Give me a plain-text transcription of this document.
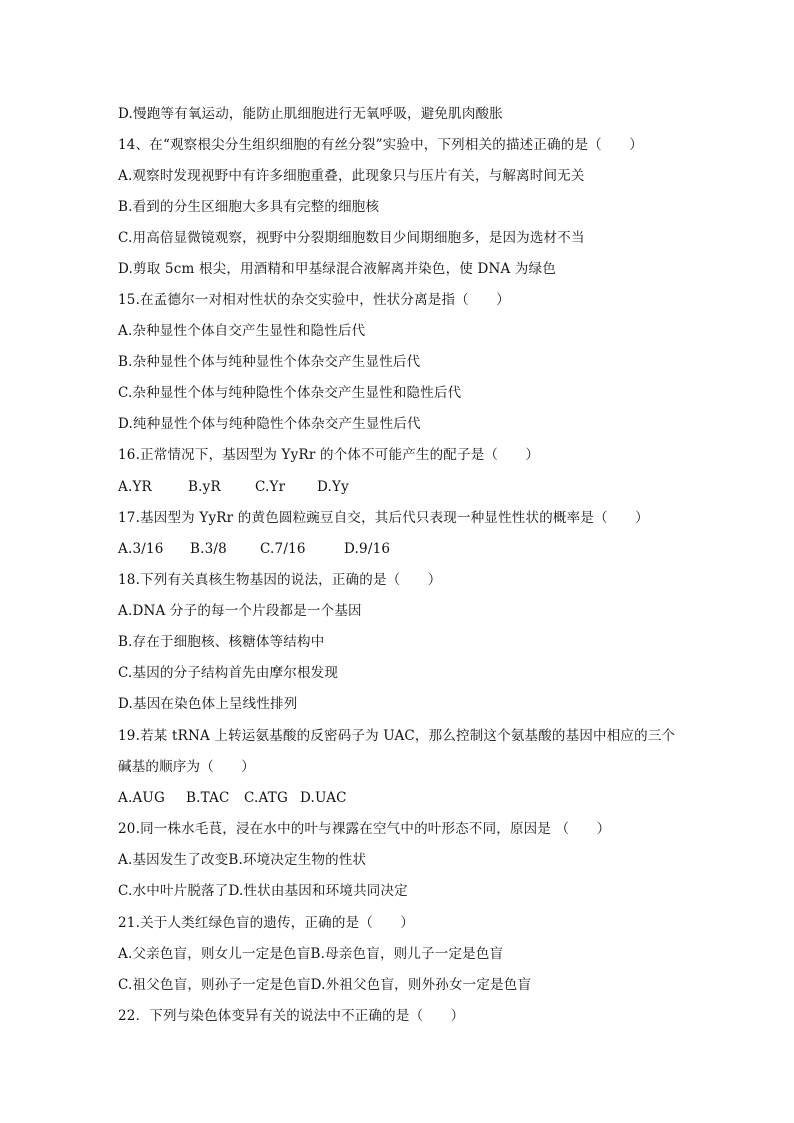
D.慢跑等有氧运动，能防止肌细胞进行无氧呼吸，避免肌肉酸胀
14、在“观察根尖分生组织细胞的有丝分裂”实验中，下列相关的描述正确的是（　　）
A.观察时发现视野中有许多细胞重叠，此现象只与压片有关，与解离时间无关
B.看到的分生区细胞大多具有完整的细胞核
C.用高倍显微镜观察，视野中分裂期细胞数目少间期细胞多，是因为选材不当
D.剪取 5cm 根尖，用酒精和甲基绿混合液解离并染色，使 DNA 为绿色
15.在孟德尔一对相对性状的杂交实验中，性状分离是指（　　）
A.杂种显性个体自交产生显性和隐性后代
B.杂种显性个体与纯种显性个体杂交产生显性后代
C.杂种显性个体与纯种隐性个体杂交产生显性和隐性后代
D.纯种显性个体与纯种隐性个体杂交产生显性后代
16.正常情况下，基因型为 YyRr 的个体不可能产生的配子是（　　）
A.YR	B.yR	C.Yr	D.Yy
17.基因型为 YyRr 的黄色圆粒豌豆自交，其后代只表现一种显性性状的概率是（　　）
A.3/16	B.3/8	C.7/16	D.9/16
18.下列有关真核生物基因的说法，正确的是（　　）
A.DNA 分子的每一个片段都是一个基因
B.存在于细胞核、核糖体等结构中
C.基因的分子结构首先由摩尔根发现
D.基因在染色体上呈线性排列
19.若某 tRNA 上转运氨基酸的反密码子为 UAC，那么控制这个氨基酸的基因中相应的三个
碱基的顺序为（　　）
A.AUG	B.TAC	C.ATG D.UAC
20.同一株水毛茛，浸在水中的叶与裸露在空气中的叶形态不同，原因是 （　　）
A.基因发生了改变B.环境决定生物的性状
C.水中叶片脱落了D.性状由基因和环境共同决定
21.关于人类红绿色盲的遗传，正确的是（　　）
A.父亲色盲，则女儿一定是色盲B.母亲色盲，则儿子一定是色盲
C.祖父色盲，则孙子一定是色盲D.外祖父色盲，则外孙女一定是色盲
22．下列与染色体变异有关的说法中不正确的是（　　）
